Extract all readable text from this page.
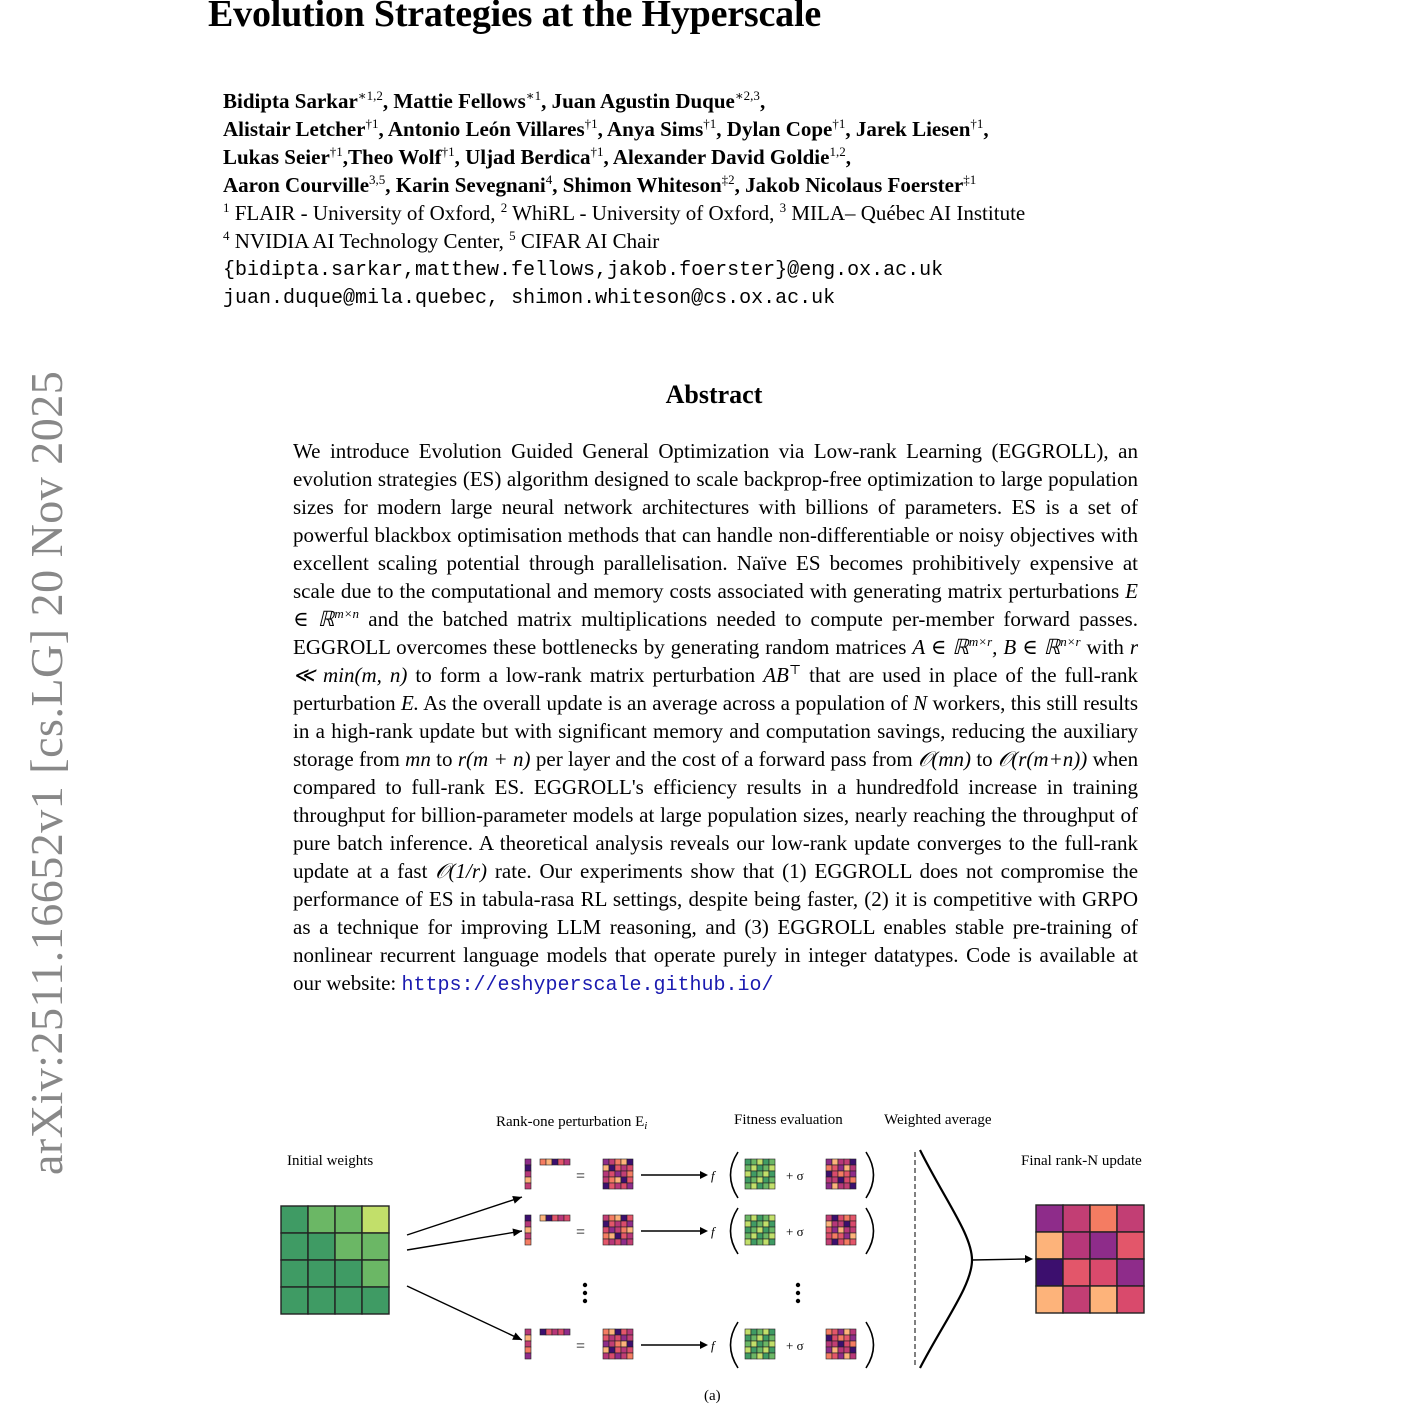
Evolution Strategies at the Hyperscale
Bidipta Sarkar$^{∗1,2}$, Mattie Fellows$^{∗1}$, Juan Agustin Duque$^{∗2,3}$,
Alistair Letcher$^{\dagger 1}$, Antonio León Villares$^{\dagger 1}$, Anya Sims$^{\dagger 1}$, Dylan Cope$^{\dagger 1}$, Jarek Liesen$^{\dagger 1}$,
Lukas Seier$^{\dagger 1}$,Theo Wolf$^{\dagger 1}$, Uljad Berdica$^{\dagger 1}$, Alexander David Goldie$^{1,2}$,
Aaron Courville$^{3,5}$, Karin Sevegnani$^4$, Shimon Whiteson$^{\ddagger 2}$, Jakob Nicolaus Foerster$^{\ddagger 1}$
$^1$ FLAIR - University of Oxford, $^2$ WhiRL - University of Oxford, $^3$ MILA– Québec AI Institute
$^4$ NVIDIA AI Technology Center, $^5$ CIFAR AI Chair
{bidipta.sarkar,matthew.fellows,jakob.foerster}@eng.ox.ac.uk
juan.duque@mila.quebec, shimon.whiteson@cs.ox.ac.uk
Abstract
We introduce Evolution Guided General Optimization via Low-rank Learning (EGGROLL), an evolution strategies (ES) algorithm designed to scale backprop-free optimization to large population sizes for modern large neural network architectures with billions of parameters. ES is a set of powerful blackbox optimisation methods that can handle non-differentiable or noisy objectives with excellent scaling potential through parallelisation. Naïve ES becomes prohibitively expensive at scale due to the computational and memory costs associated with generating matrix perturbations E ∈ ℝ$^{m\times n}$ and the batched matrix multiplications needed to compute per-member forward passes. EGGROLL overcomes these bottlenecks by generating random matrices A ∈ ℝ$^{m\times r}$, B ∈ ℝ$^{n\times r}$ with r ≪ min(m, n) to form a low-rank matrix perturbation AB⊤ that are used in place of the full-rank perturbation E. As the overall update is an average across a population of N workers, this still results in a high-rank update but with significant memory and computation savings, reducing the auxiliary storage from mn to r(m + n) per layer and the cost of a forward pass from 𝒪(mn) to 𝒪(r(m+n)) when compared to full-rank ES. EGGROLL's efficiency results in a hundredfold increase in training throughput for billion-parameter models at large population sizes, nearly reaching the throughput of pure batch inference. A theoretical analysis reveals our low-rank update converges to the full-rank update at a fast 𝒪(1/r) rate. Our experiments show that (1) EGGROLL does not compromise the performance of ES in tabula-rasa RL settings, despite being faster, (2) it is competitive with GRPO as a technique for improving LLM reasoning, and (3) EGGROLL enables stable pre-training of nonlinear recurrent language models that operate purely in integer datatypes. Code is available at our website: https://eshyperscale.github.io/
arXiv:2511.16652v1 [cs.LG] 20 Nov 2025	Initial weights
Rank-one perturbation $E_i$	Fitness evaluation	Weighted average
Final rank-N update
(a)
=	f	+ σ
=	f	+ σ
=	f	+ σ
